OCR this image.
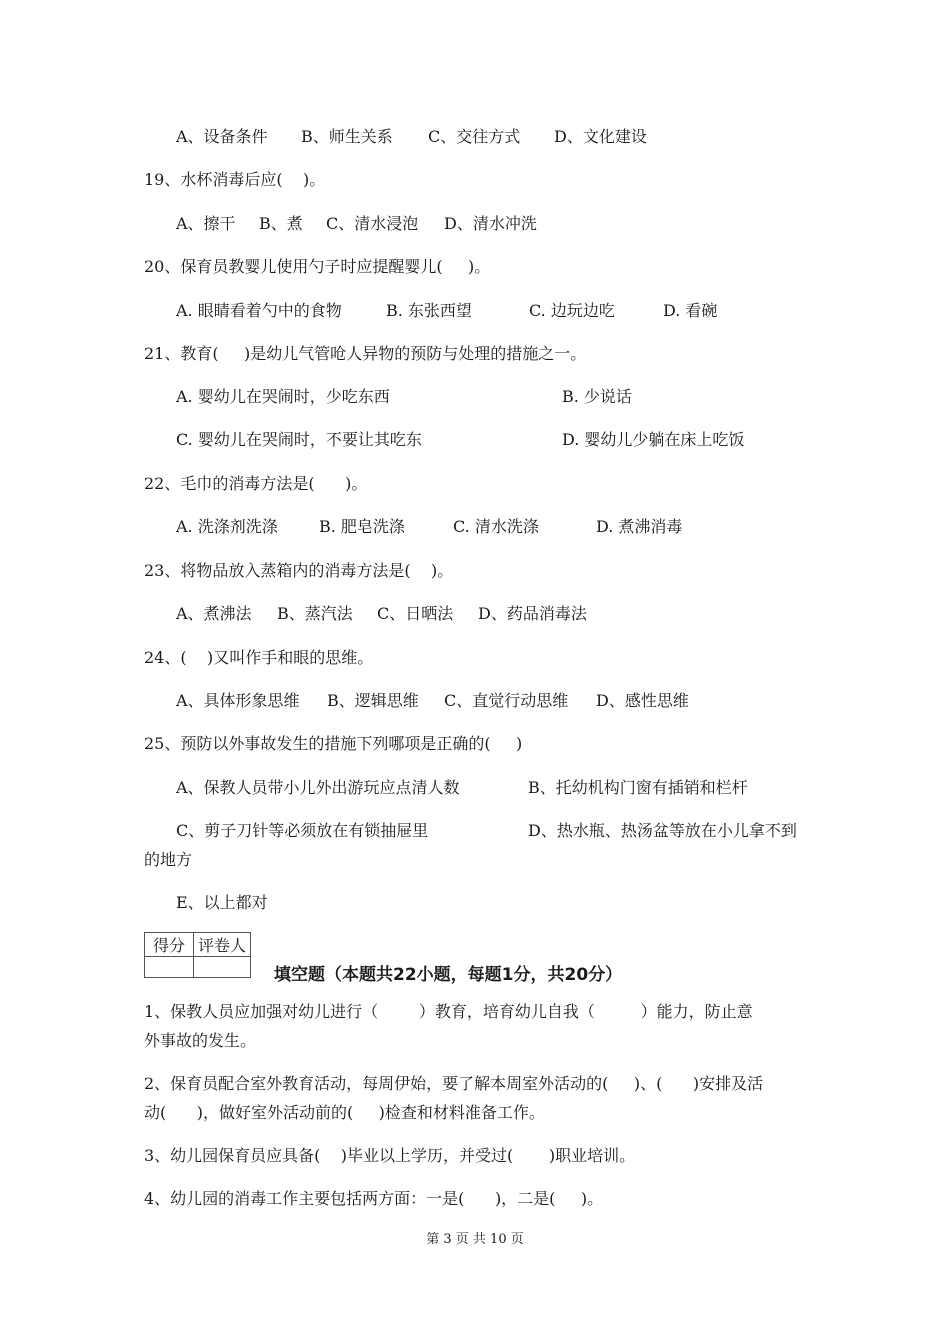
A、设备条件 B、师生关系 C、交往方式 D、文化建设
19、水杯消毒后应(    )。
A、擦干 B、煮 C、清水浸泡 D、清水冲洗
20、保育员教婴儿使用勺子时应提醒婴儿(     )。
A. 眼睛看着勺中的食物	B. 东张西望	C. 边玩边吃	D. 看碗
21、教育(     )是幼儿气管呛人异物的预防与处理的措施之一。
A. 婴幼儿在哭闹时，少吃东西	B. 少说话
C. 婴幼儿在哭闹时，不要让其吃东	D. 婴幼儿少躺在床上吃饭
22、毛巾的消毒方法是(      )。
A. 洗涤剂洗涤	B. 肥皂洗涤	C. 清水洗涤	D. 煮沸消毒
23、将物品放入蒸箱内的消毒方法是(    )。
A、煮沸法 B、蒸汽法 C、日晒法 D、药品消毒法
24、(    )又叫作手和眼的思维。
A、具体形象思维 B、逻辑思维 C、直觉行动思维 D、感性思维
25、预防以外事故发生的措施下列哪项是正确的(     )
A、保教人员带小儿外出游玩应点清人数	B、托幼机构门窗有插销和栏杆
C、剪子刀针等必须放在有锁抽屉里	D、热水瓶、热汤盆等放在小儿拿不到
的地方
E、以上都对
得分	评卷人

填空题（本题共22小题，每题1分，共20分）
1、保教人员应加强对幼儿进行（        ）教育，培育幼儿自我（         ）能力，防止意
外事故的发生。
2、保育员配合室外教育活动，每周伊始，要了解本周室外活动的(     )、(      )安排及活
动(      )，做好室外活动前的(     )检查和材料准备工作。
3、幼儿园保育员应具备(    )毕业以上学历，并受过(       )职业培训。
4、幼儿园的消毒工作主要包括两方面：一是(      )，二是(     )。
第 3 页 共 10 页
